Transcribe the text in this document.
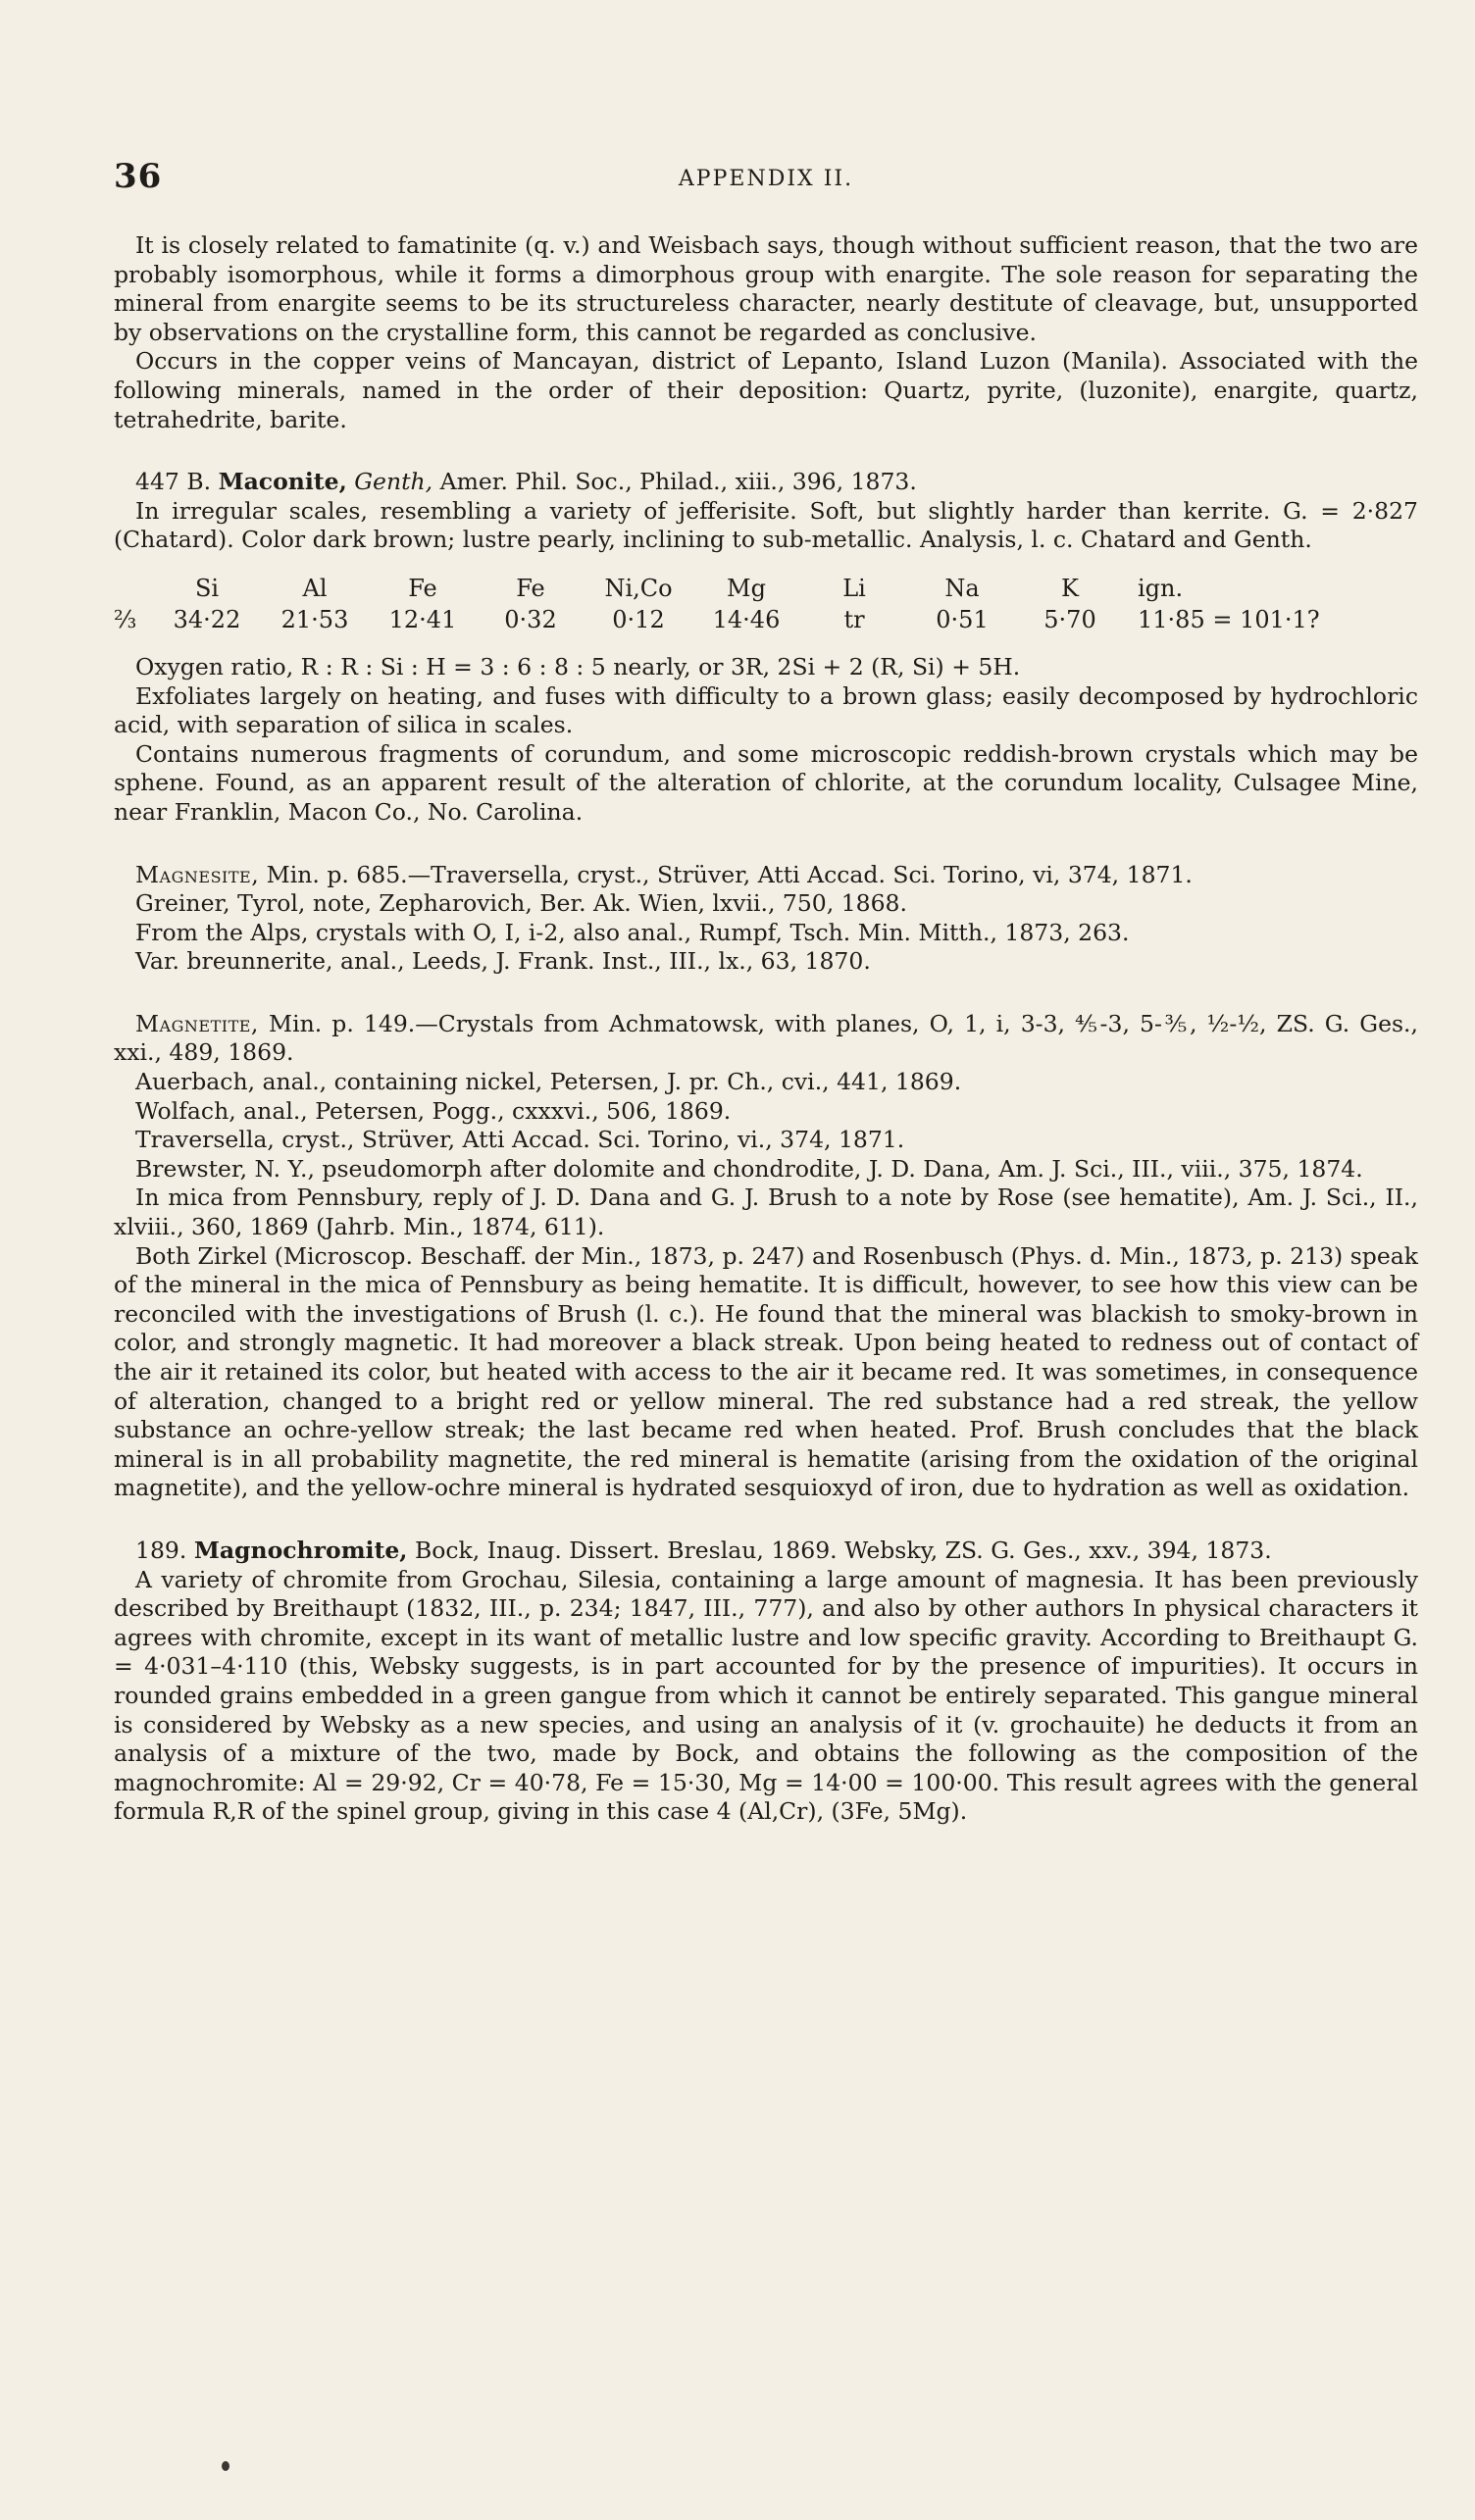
36	APPENDIX II.

It is closely related to famatinite (q. v.) and Weisbach says, though without sufficient reason, that the two are probably isomorphous, while it forms a dimorphous group with enargite. The sole reason for separating the mineral from enargite seems to be its structureless character, nearly destitute of cleavage, but, unsupported by observations on the crystalline form, this cannot be regarded as conclusive.

Occurs in the copper veins of Mancayan, district of Lepanto, Island Luzon (Manila). Associated with the following minerals, named in the order of their deposition: Quartz, pyrite, (luzonite), enargite, quartz, tetrahedrite, barite.

447 B. Maconite, Genth, Amer. Phil. Soc., Philad., xiii., 396, 1873.

In irregular scales, resembling a variety of jefferisite. Soft, but slightly harder than kerrite. G. = 2·827 (Chatard). Color dark brown; lustre pearly, inclining to sub-metallic. Analysis, l. c. Chatard and Genth.

	Si	Al	Fe	Fe	Ni,Co	Mg	Li	Na	K	ign.
⅔	34·22	21·53	12·41	0·32	0·12	14·46	tr	0·51	5·70	11·85 = 101·1?

Oxygen ratio, R : R : Si : H = 3 : 6 : 8 : 5 nearly, or 3R, 2Si + 2 (R, Si) + 5H.

Exfoliates largely on heating, and fuses with difficulty to a brown glass; easily decomposed by hydrochloric acid, with separation of silica in scales.

Contains numerous fragments of corundum, and some microscopic reddish-brown crystals which may be sphene. Found, as an apparent result of the alteration of chlorite, at the corundum locality, Culsagee Mine, near Franklin, Macon Co., No. Carolina.

Magnesite, Min. p. 685.—Traversella, cryst., Strüver, Atti Accad. Sci. Torino, vi, 374, 1871.

Greiner, Tyrol, note, Zepharovich, Ber. Ak. Wien, lxvii., 750, 1868.

From the Alps, crystals with O, I, i-2, also anal., Rumpf, Tsch. Min. Mitth., 1873, 263.

Var. breunnerite, anal., Leeds, J. Frank. Inst., III., lx., 63, 1870.

Magnetite, Min. p. 149.—Crystals from Achmatowsk, with planes, O, 1, i, 3-3, ⅘-3, 5-⅗, ½-½, ZS. G. Ges., xxi., 489, 1869.

Auerbach, anal., containing nickel, Petersen, J. pr. Ch., cvi., 441, 1869.

Wolfach, anal., Petersen, Pogg., cxxxvi., 506, 1869.

Traversella, cryst., Strüver, Atti Accad. Sci. Torino, vi., 374, 1871.

Brewster, N. Y., pseudomorph after dolomite and chondrodite, J. D. Dana, Am. J. Sci., III., viii., 375, 1874.

In mica from Pennsbury, reply of J. D. Dana and G. J. Brush to a note by Rose (see hematite), Am. J. Sci., II., xlviii., 360, 1869 (Jahrb. Min., 1874, 611).

Both Zirkel (Microscop. Beschaff. der Min., 1873, p. 247) and Rosenbusch (Phys. d. Min., 1873, p. 213) speak of the mineral in the mica of Pennsbury as being hematite. It is difficult, however, to see how this view can be reconciled with the investigations of Brush (l. c.). He found that the mineral was blackish to smoky-brown in color, and strongly magnetic. It had moreover a black streak. Upon being heated to redness out of contact of the air it retained its color, but heated with access to the air it became red. It was sometimes, in consequence of alteration, changed to a bright red or yellow mineral. The red substance had a red streak, the yellow substance an ochre-yellow streak; the last became red when heated. Prof. Brush concludes that the black mineral is in all probability magnetite, the red mineral is hematite (arising from the oxidation of the original magnetite), and the yellow-ochre mineral is hydrated sesquioxyd of iron, due to hydration as well as oxidation.

189. Magnochromite, Bock, Inaug. Dissert. Breslau, 1869. Websky, ZS. G. Ges., xxv., 394, 1873.

A variety of chromite from Grochau, Silesia, containing a large amount of magnesia. It has been previously described by Breithaupt (1832, III., p. 234; 1847, III., 777), and also by other authors In physical characters it agrees with chromite, except in its want of metallic lustre and low specific gravity. According to Breithaupt G. = 4·031–4·110 (this, Websky suggests, is in part accounted for by the presence of impurities). It occurs in rounded grains embedded in a green gangue from which it cannot be entirely separated. This gangue mineral is considered by Websky as a new species, and using an analysis of it (v. grochauite) he deducts it from an analysis of a mixture of the two, made by Bock, and obtains the following as the composition of the magnochromite: Al = 29·92, Cr = 40·78, Fe = 15·30, Mg = 14·00 = 100·00. This result agrees with the general formula R,R of the spinel group, giving in this case 4 (Al,Cr), (3Fe, 5Mg).
